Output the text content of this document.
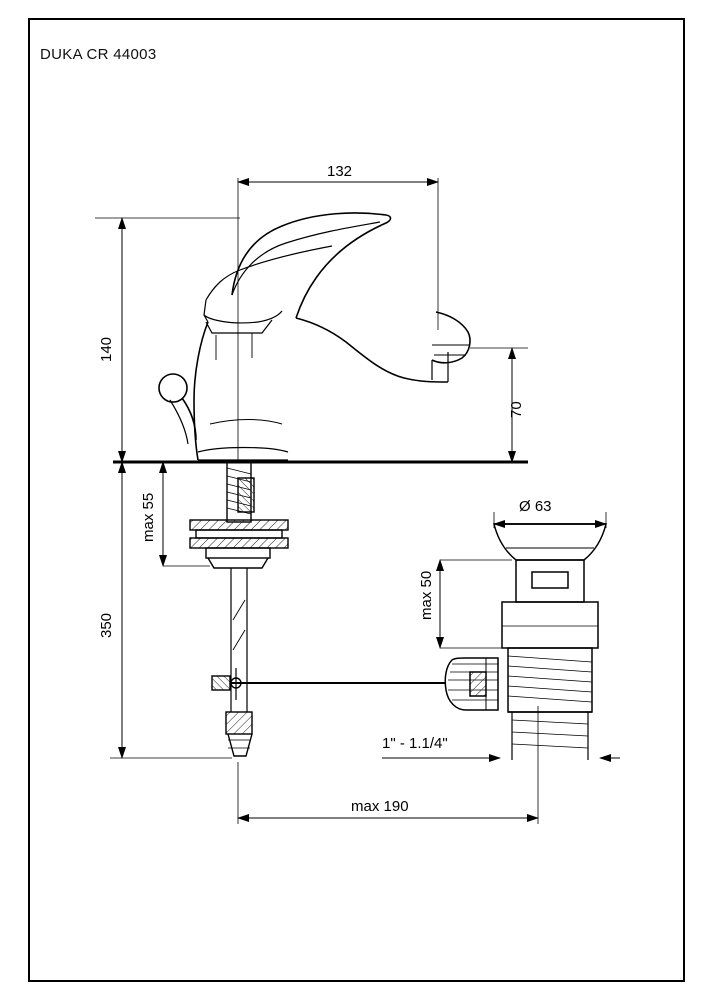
DUKA CR 44003
132
140
70
max 55
350
Ø 63
max 50
1" - 1.1/4"
max 190
